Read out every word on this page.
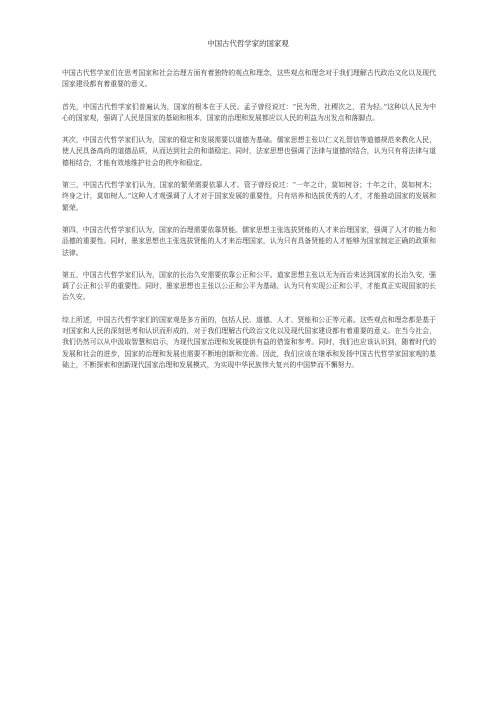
中国古代哲学家的国家观

中国古代哲学家们在思考国家和社会治理方面有着独特的观点和理念，这些观点和理念对于我们理解古代政治文化以及现代国家建设都有着重要的意义。

首先，中国古代哲学家们普遍认为，国家的根本在于人民。孟子曾经说过：“民为贵，社稷次之，君为轻。”这种以人民为中心的国家观，强调了人民是国家的基础和根本，国家的治理和发展都应以人民的利益为出发点和落脚点。

其次，中国古代哲学家们认为，国家的稳定和发展需要以道德为基础。儒家思想主张以仁义礼智信等道德规范来教化人民，使人民具备高尚的道德品质，从而达到社会的和谐稳定。同时，法家思想也强调了法律与道德的结合，认为只有将法律与道德相结合，才能有效地维护社会的秩序和稳定。

第三，中国古代哲学家们认为，国家的繁荣需要依靠人才。管子曾经说过：“一年之计，莫如树谷；十年之计，莫如树木；终身之计，莫如树人。”这种人才观强调了人才对于国家发展的重要性，只有培养和选拔优秀的人才，才能推动国家的发展和繁荣。

第四，中国古代哲学家们认为，国家的治理需要依靠贤能。儒家思想主张选拔贤能的人才来治理国家，强调了人才的能力和品德的重要性。同时，墨家思想也主张选拔贤能的人才来治理国家，认为只有具备贤能的人才能够为国家制定正确的政策和法律。

第五，中国古代哲学家们认为，国家的长治久安需要依靠公正和公平。道家思想主张以无为而治来达到国家的长治久安，强调了公正和公平的重要性。同时，墨家思想也主张以公正和公平为基础，认为只有实现公正和公平，才能真正实现国家的长治久安。

综上所述，中国古代哲学家们的国家观是多方面的，包括人民、道德、人才、贤能和公正等元素。这些观点和理念都是基于对国家和人民的深刻思考和认识而形成的，对于我们理解古代政治文化以及现代国家建设都有着重要的意义。在当今社会，我们仍然可以从中汲取智慧和启示，为现代国家治理和发展提供有益的借鉴和参考。同时，我们也应该认识到，随着时代的发展和社会的进步，国家的治理和发展也需要不断地创新和完善。因此，我们应该在继承和发扬中国古代哲学家国家观的基础上，不断探索和创新现代国家治理和发展模式，为实现中华民族伟大复兴的中国梦而不懈努力。
